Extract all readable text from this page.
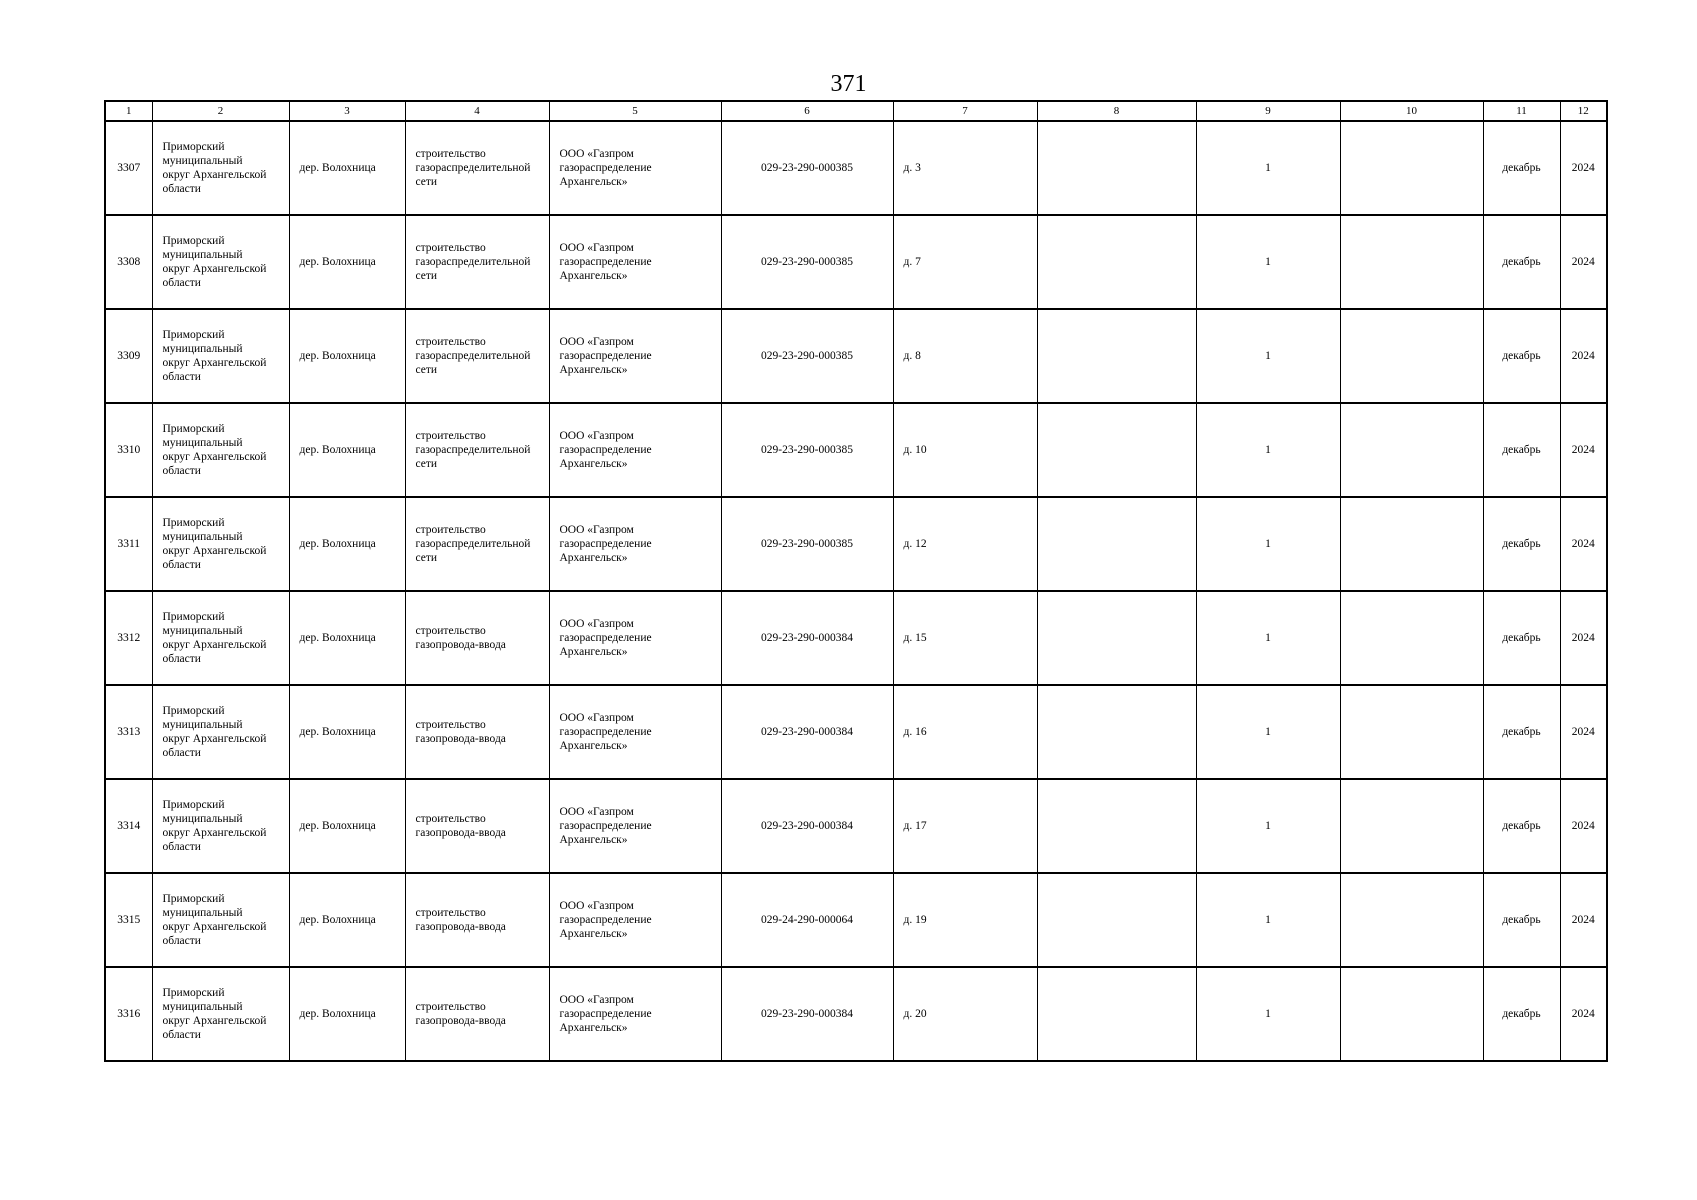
371
1	2	3	4	5	6	7	8	9	10	11	12
3307	Приморский
муниципальный
округ Архангельской
области	дер. Волохница	строительство
газораспределительной
сети	ООО «Газпром
газораспределение
Архангельск»	029-23-290-000385	д. 3		1		декабрь	2024
3308	Приморский
муниципальный
округ Архангельской
области	дер. Волохница	строительство
газораспределительной
сети	ООО «Газпром
газораспределение
Архангельск»	029-23-290-000385	д. 7		1		декабрь	2024
3309	Приморский
муниципальный
округ Архангельской
области	дер. Волохница	строительство
газораспределительной
сети	ООО «Газпром
газораспределение
Архангельск»	029-23-290-000385	д. 8		1		декабрь	2024
3310	Приморский
муниципальный
округ Архангельской
области	дер. Волохница	строительство
газораспределительной
сети	ООО «Газпром
газораспределение
Архангельск»	029-23-290-000385	д. 10		1		декабрь	2024
3311	Приморский
муниципальный
округ Архангельской
области	дер. Волохница	строительство
газораспределительной
сети	ООО «Газпром
газораспределение
Архангельск»	029-23-290-000385	д. 12		1		декабрь	2024
3312	Приморский
муниципальный
округ Архангельской
области	дер. Волохница	строительство
газопровода-ввода	ООО «Газпром
газораспределение
Архангельск»	029-23-290-000384	д. 15		1		декабрь	2024
3313	Приморский
муниципальный
округ Архангельской
области	дер. Волохница	строительство
газопровода-ввода	ООО «Газпром
газораспределение
Архангельск»	029-23-290-000384	д. 16		1		декабрь	2024
3314	Приморский
муниципальный
округ Архангельской
области	дер. Волохница	строительство
газопровода-ввода	ООО «Газпром
газораспределение
Архангельск»	029-23-290-000384	д. 17		1		декабрь	2024
3315	Приморский
муниципальный
округ Архангельской
области	дер. Волохница	строительство
газопровода-ввода	ООО «Газпром
газораспределение
Архангельск»	029-24-290-000064	д. 19		1		декабрь	2024
3316	Приморский
муниципальный
округ Архангельской
области	дер. Волохница	строительство
газопровода-ввода	ООО «Газпром
газораспределение
Архангельск»	029-23-290-000384	д. 20		1		декабрь	2024
